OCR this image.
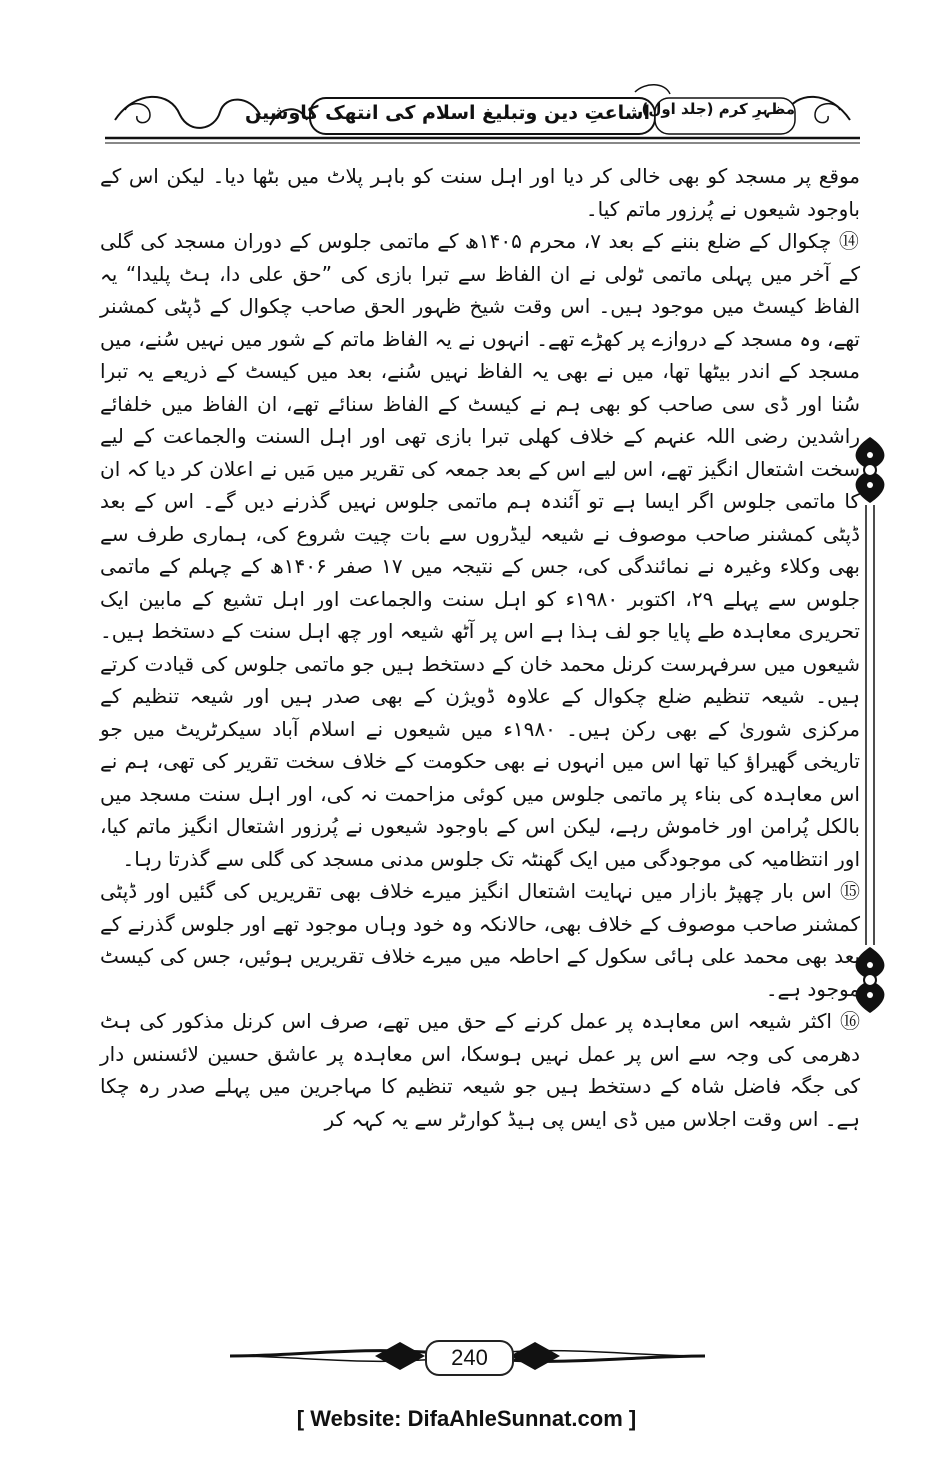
اشاعتِ دین وتبلیغ اسلام کی انتھک کاوشیں
مظہرِ کرم (جلد اول)

موقع پر مسجد کو بھی خالی کر دیا اور اہل سنت کو باہر پلاٹ میں بٹھا دیا۔ لیکن اس کے باوجود شیعوں نے پُرزور ماتم کیا۔

⑭ چکوال کے ضلع بننے کے بعد ۷، محرم ۱۴۰۵ھ کے ماتمی جلوس کے دوران مسجد کی گلی کے آخر میں پہلی ماتمی ٹولی نے ان الفاظ سے تبرا بازی کی ”حق علی دا، ہٹ پلیدا“ یہ الفاظ کیسٹ میں موجود ہیں۔ اس وقت شیخ ظہور الحق صاحب چکوال کے ڈپٹی کمشنر تھے، وہ مسجد کے دروازے پر کھڑے تھے۔ انہوں نے یہ الفاظ ماتم کے شور میں نہیں سُنے، میں مسجد کے اندر بیٹھا تھا، میں نے بھی یہ الفاظ نہیں سُنے، بعد میں کیسٹ کے ذریعے یہ تبرا سُنا اور ڈی سی صاحب کو بھی ہم نے کیسٹ کے الفاظ سنائے تھے، ان الفاظ میں خلفائے راشدین رضی اللہ عنہم کے خلاف کھلی تبرا بازی تھی اور اہل السنت والجماعت کے لیے سخت اشتعال انگیز تھے، اس لیے اس کے بعد جمعہ کی تقریر میں مَیں نے اعلان کر دیا کہ ان کا ماتمی جلوس اگر ایسا ہے تو آئندہ ہم ماتمی جلوس نہیں گذرنے دیں گے۔ اس کے بعد ڈپٹی کمشنر صاحب موصوف نے شیعہ لیڈروں سے بات چیت شروع کی، ہماری طرف سے بھی وکلاء وغیرہ نے نمائندگی کی، جس کے نتیجہ میں ۱۷ صفر ۱۴۰۶ھ کے چہلم کے ماتمی جلوس سے پہلے ۲۹، اکتوبر ۱۹۸۰ء کو اہل سنت والجماعت اور اہل تشیع کے مابین ایک تحریری معاہدہ طے پایا جو لف ہذا ہے اس پر آٹھ شیعہ اور چھ اہل سنت کے دستخط ہیں۔ شیعوں میں سرفہرست کرنل محمد خان کے دستخط ہیں جو ماتمی جلوس کی قیادت کرتے ہیں۔ شیعہ تنظیم ضلع چکوال کے علاوہ ڈویژن کے بھی صدر ہیں اور شیعہ تنظیم کے مرکزی شوریٰ کے بھی رکن ہیں۔ ۱۹۸۰ء میں شیعوں نے اسلام آباد سیکرٹریٹ میں جو تاریخی گھیراؤ کیا تھا اس میں انہوں نے بھی حکومت کے خلاف سخت تقریر کی تھی، ہم نے اس معاہدہ کی بناء پر ماتمی جلوس میں کوئی مزاحمت نہ کی، اور اہل سنت مسجد میں بالکل پُرامن اور خاموش رہے، لیکن اس کے باوجود شیعوں نے پُرزور اشتعال انگیز ماتم کیا، اور انتظامیہ کی موجودگی میں ایک گھنٹہ تک جلوس مدنی مسجد کی گلی سے گذرتا رہا۔

⑮ اس بار چھپڑ بازار میں نہایت اشتعال انگیز میرے خلاف بھی تقریریں کی گئیں اور ڈپٹی کمشنر صاحب موصوف کے خلاف بھی، حالانکہ وہ خود وہاں موجود تھے اور جلوس گذرنے کے بعد بھی محمد علی ہائی سکول کے احاطہ میں میرے خلاف تقریریں ہوئیں، جس کی کیسٹ موجود ہے۔

⑯ اکثر شیعہ اس معاہدہ پر عمل کرنے کے حق میں تھے، صرف اس کرنل مذکور کی ہٹ دھرمی کی وجہ سے اس پر عمل نہیں ہوسکا، اس معاہدہ پر عاشق حسین لائسنس دار کی جگہ فاضل شاہ کے دستخط ہیں جو شیعہ تنظیم کا مہاجرین میں پہلے صدر رہ چکا ہے۔ اس وقت اجلاس میں ڈی ایس پی ہیڈ کوارٹر سے یہ کہہ کر

240
[ Website: DifaAhleSunnat.com ]
